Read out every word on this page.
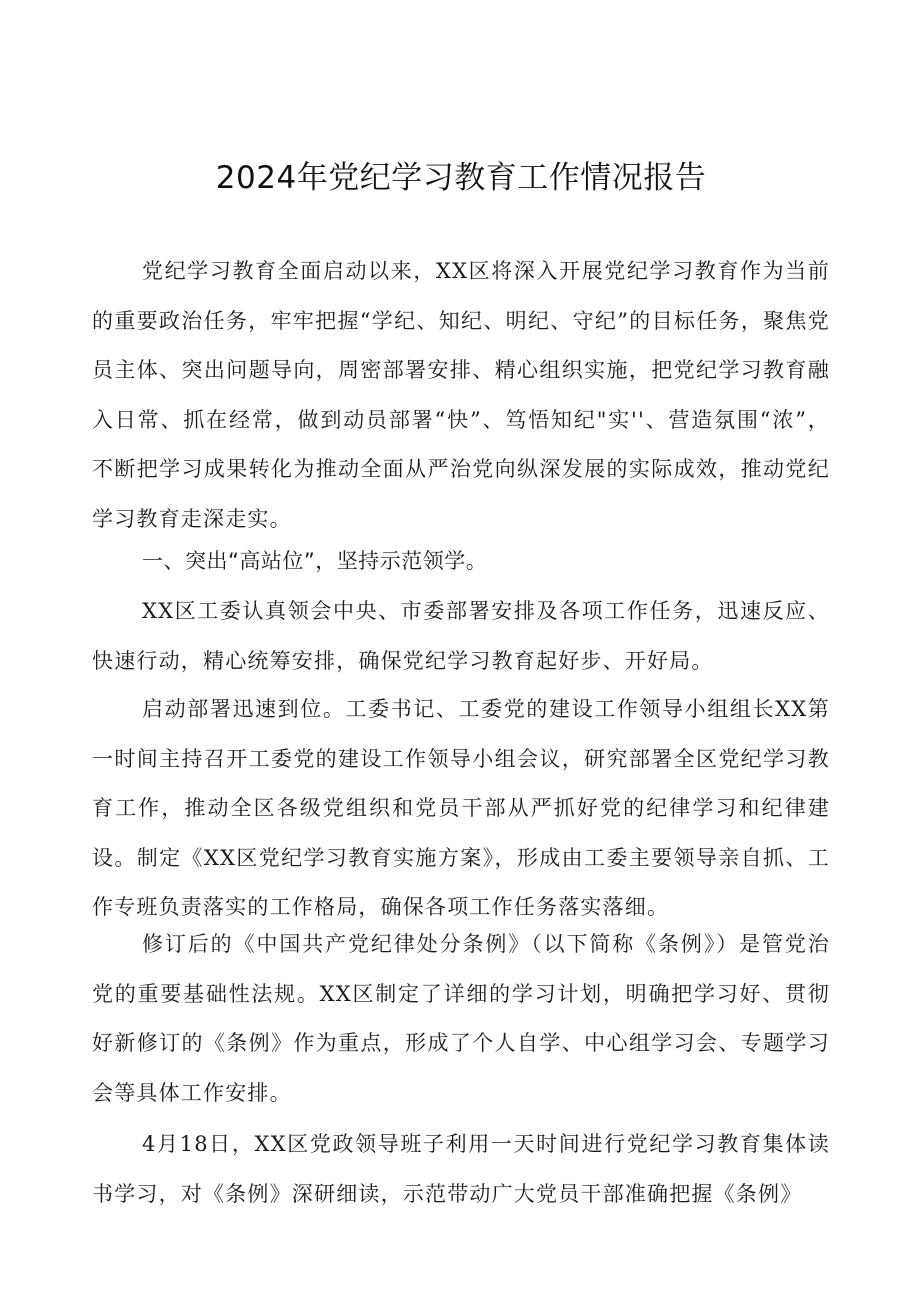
2024年党纪学习教育工作情况报告

党纪学习教育全面启动以来，XX区将深入开展党纪学习教育作为当前的重要政治任务，牢牢把握“学纪、知纪、明纪、守纪”的目标任务，聚焦党员主体、突出问题导向，周密部署安排、精心组织实施，把党纪学习教育融入日常、抓在经常，做到动员部署“快”、笃悟知纪"实''、营造氛围“浓”，不断把学习成果转化为推动全面从严治党向纵深发展的实际成效，推动党纪学习教育走深走实。

一、突出“高站位”，坚持示范领学。

XX区工委认真领会中央、市委部署安排及各项工作任务，迅速反应、快速行动，精心统筹安排，确保党纪学习教育起好步、开好局。

启动部署迅速到位。工委书记、工委党的建设工作领导小组组长XX第一时间主持召开工委党的建设工作领导小组会议，研究部署全区党纪学习教育工作，推动全区各级党组织和党员干部从严抓好党的纪律学习和纪律建设。制定《XX区党纪学习教育实施方案》，形成由工委主要领导亲自抓、工作专班负责落实的工作格局，确保各项工作任务落实落细。

修订后的《中国共产党纪律处分条例》（以下简称《条例》）是管党治党的重要基础性法规。XX区制定了详细的学习计划，明确把学习好、贯彻好新修订的《条例》作为重点，形成了个人自学、中心组学习会、专题学习会等具体工作安排。

4月18日，XX区党政领导班子利用一天时间进行党纪学习教育集体读书学习，对《条例》深研细读，示范带动广大党员干部准确把握《条例》
